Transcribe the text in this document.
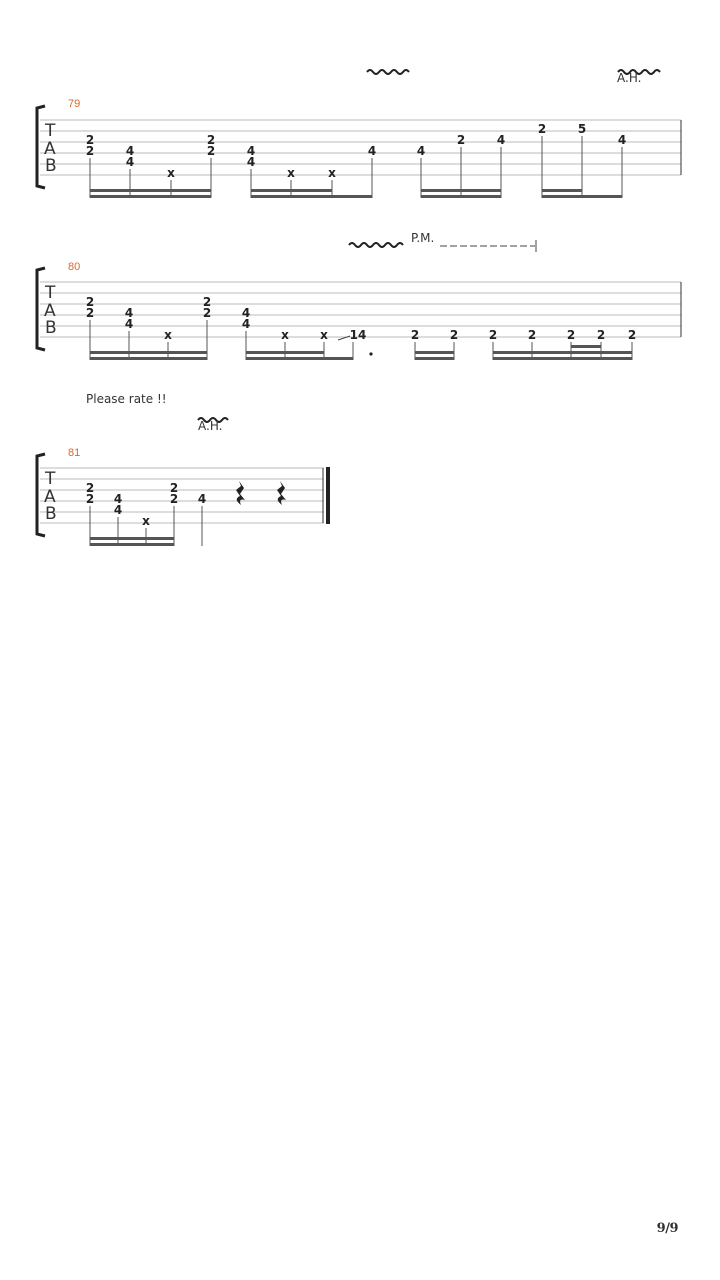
A.H.
79
T
A
B
2
2	4
4
x
2
2	4
4
x	x
4	4
2	4
2	5
4
P.M.
80
T
A
B
2
2	4
4
x
2
2	4
4
x	x 14	2	2	2	2	2 2 2
A.H.
81
T
A
B
2
2 4
4
x
2
2 4
Please rate !!
9/9
